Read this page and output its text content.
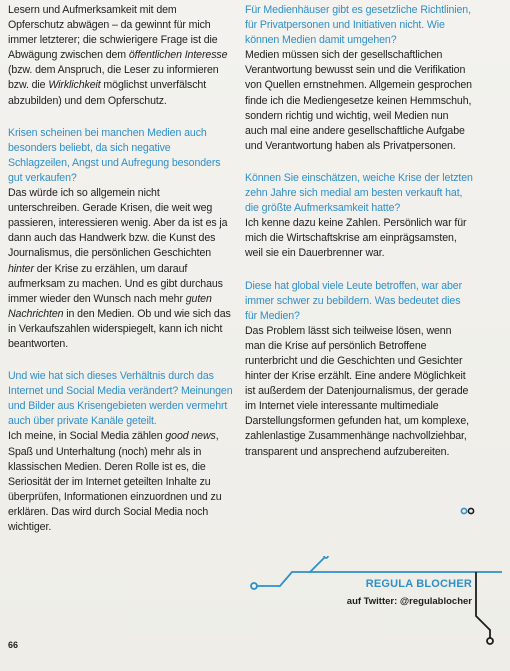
Lesern und Aufmerksamkeit mit dem Opferschutz abwägen – da gewinnt für mich immer letzterer; die schwierigere Frage ist die Abwägung zwischen dem öffentlichen Interesse (bzw. dem Anspruch, die Leser zu informieren bzw. die Wirklichkeit möglichst unverfälscht abzubilden) und dem Opferschutz.
Krisen scheinen bei manchen Medien auch besonders beliebt, da sich negative Schlagzeilen, Angst und Aufregung besonders gut verkaufen?
Das würde ich so allgemein nicht unterschreiben. Gerade Krisen, die weit weg passieren, interessieren wenig. Aber da ist es ja dann auch das Handwerk bzw. die Kunst des Journalismus, die persönlichen Geschichten hinter der Krise zu erzählen, um darauf aufmerksam zu machen. Und es gibt durchaus immer wieder den Wunsch nach mehr guten Nachrichten in den Medien. Ob und wie sich das in Verkaufszahlen widerspiegelt, kann ich nicht beantworten.
Und wie hat sich dieses Verhältnis durch das Internet und Social Media verändert? Meinungen und Bilder aus Krisengebieten werden vermehrt auch über private Kanäle geteilt.
Ich meine, in Social Media zählen good news, Spaß und Unterhaltung (noch) mehr als in klassischen Medien. Deren Rolle ist es, die Seriosität der im Internet geteilten Inhalte zu überprüfen, Informationen einzuordnen und zu erklären. Das wird durch Social Media noch wichtiger.
Für Medienhäuser gibt es gesetzliche Richtlinien, für Privatpersonen und Initiativen nicht. Wie können Medien damit umgehen?
Medien müssen sich der gesellschaftlichen Verantwortung bewusst sein und die Verifikation von Quellen ernstnehmen. Allgemein gesprochen finde ich die Mediengesetze keinen Hemmschuh, sondern richtig und wichtig, weil Medien nun auch mal eine andere gesellschaftliche Aufgabe und Verantwortung haben als Privatpersonen.
Können Sie einschätzen, weiche Krise der letzten zehn Jahre sich medial am besten verkauft hat, die größte Aufmerksamkeit hatte?
Ich kenne dazu keine Zahlen. Persönlich war für mich die Wirtschaftskrise am einprägsamsten, weil sie ein Dauerbrenner war.
Diese hat global viele Leute betroffen, war aber immer schwer zu bebildern. Was bedeutet dies für Medien?
Das Problem lässt sich teilweise lösen, wenn man die Krise auf persönlich Betroffene runterbricht und die Geschichten und Gesichter hinter der Krise erzählt. Eine andere Möglichkeit ist außerdem der Datenjournalismus, der gerade im Internet viele interessante multimediale Darstellungsformen gefunden hat, um komplexe, zahlenlastige Zusammenhänge nachvollziehbar, transparent und ansprechend aufzubereiten.
REGULA BLOCHER
auf Twitter: @regulablocher
66
